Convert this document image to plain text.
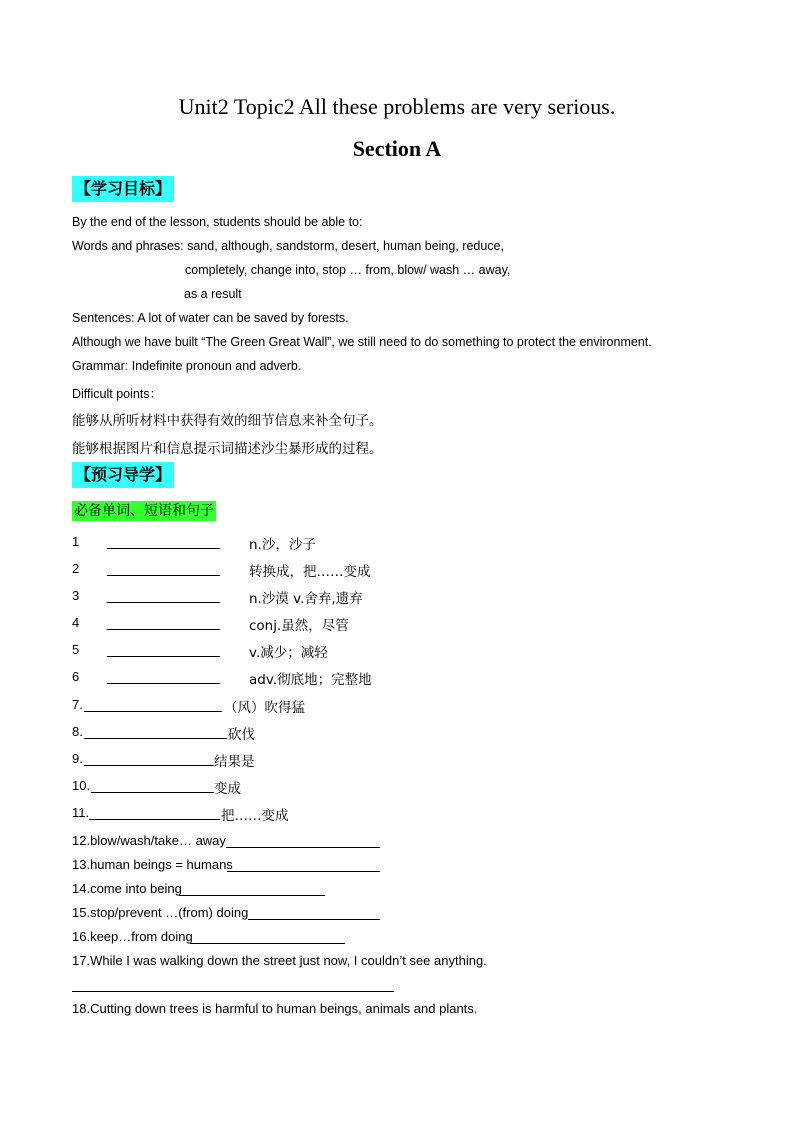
Unit2 Topic2 All these problems are very serious.
Section A
【学习目标】
By the end of the lesson, students should be able to:
Words and phrases: sand, although, sandstorm, desert, human being, reduce,
completely, change into, stop … from, blow/ wash … away,
as a result
Sentences: A lot of water can be saved by forests.
Although we have built “The Green Great Wall”, we still need to do something to protect the environment.
Grammar: Indefinite pronoun and adverb.
Difficult points：
能够从所听材料中获得有效的细节信息来补全句子。
能够根据图片和信息提示词描述沙尘暴形成的过程。
【预习导学】
必备单词、短语和句子
1	n.沙，沙子
2	转换成，把……变成
3	n.沙漠 v.舍弃,遗弃
4	conj.虽然，尽管
5	v.减少；减轻
6	adv.彻底地；完整地
7.	（风）吹得猛
8.	砍伐
9.	结果是
10.	变成
11.	把……变成
12.blow/wash/take… away
13.human beings = humans
14.come into being
15.stop/prevent …(from) doing
16.keep…from doing
17.While I was walking down the street just now, I couldn’t see anything.
18.Cutting down trees is harmful to human beings, animals and plants.
